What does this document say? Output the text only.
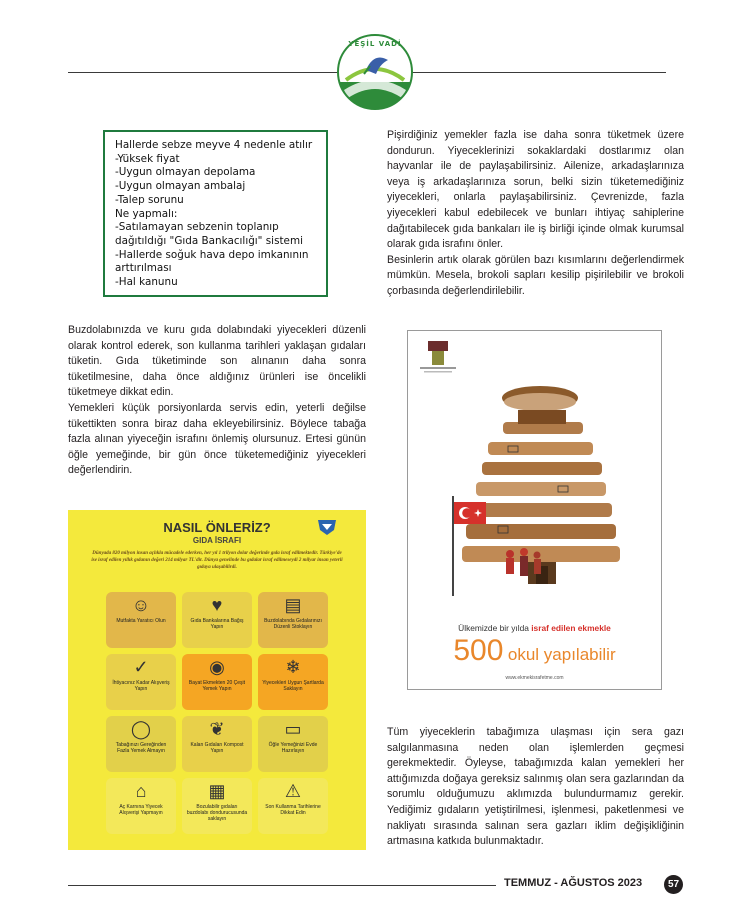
YEŞİL VADİ

Hallerde sebze meyve 4 nedenle atılır

-Yüksek fiyat

-Uygun olmayan depolama

-Uygun olmayan ambalaj

-Talep sorunu

Ne yapmalı:

-Satılamayan sebzenin toplanıp

dağıtıldığı "Gıda Bankacılığı" sistemi

-Hallerde soğuk hava depo imkanının

arttırılması

-Hal kanunu

Pişirdiğiniz yemekler fazla ise daha sonra tüketmek üzere dondurun. Yiyeceklerinizi sokaklardaki dostlarımız olan hayvanlar ile de paylaşabilirsiniz. Ailenize, arkadaşlarınıza veya iş arkadaşlarınıza sorun, belki sizin tüketemediğiniz yiyecekleri, onlarla paylaşabilirsiniz. Çevrenizde, fazla yiyecekleri kabul edebilecek ve bunları ihtiyaç sahiplerine dağıtabilecek gıda bankaları ile iş birliği içinde olmak kurumsal olarak gıda israfını önler.

Besinlerin artık olarak görülen bazı kısımlarını değerlendirmek mümkün. Mesela, brokoli sapları kesilip pişirilebilir ve brokoli çorbasında değerlendirilebilir.

Buzdolabınızda ve kuru gıda dolabındaki yiyecekleri düzenli olarak kontrol ederek, son kullanma tarihleri yaklaşan gıdaları tüketin. Gıda tüketiminde son alınanın daha sonra tüketilmesine, daha önce aldığınız ürünleri ise öncelikli tüketmeye dikkat edin.

Yemekleri küçük porsiyonlarda servis edin, yeterli değilse tükettikten sonra biraz daha ekleyebilirsiniz. Böylece tabağa fazla alınan yiyeceğin israfını önlemiş olursunuz. Ertesi günün öğle yemeğinde, bir gün önce tüketemediğiniz yiyecekleri değerlendirin.

Ülkemizde bir yılda israf edilen ekmekle
500 okul yapılabilir
www.ekmekisrafetme.com
NASIL ÖNLERİZ?
GIDA İSRAFI
Dünyada 820 milyon insan açlıkla mücadele ederken, her yıl 1 trilyon dolar değerinde gıda israf edilmektedir. Türkiye'de ise israf edilen yıllık gıdanın değeri 214 milyar TL'dir. Dünya genelinde bu gıdalar israf edilmeseydi 2 milyar insan yeterli gıdaya ulaşabilirdi.
☺
Mutfakta Yaratıcı Olun
♥
Gıda Bankalarına Bağış Yapın
▤
Buzdolabında Gıdalarınızı Düzenli Stoklayın
✓
İhtiyacınız Kadar Alışveriş Yapın
◉
Bayat Ekmekten 20 Çeşit Yemek Yapın
❄
Yiyecekleri Uygun Şartlarda Saklayın
◯
Tabağınızı Gereğinden Fazla Yemek Almayın
❦
Kalan Gıdaları Kompost Yapın
▭
Öğle Yemeğinizi Evde Hazırlayın
⌂
Aç Karnına Yiyecek Alışverişi Yapmayın
▦
Bozulabilir gıdaları buzdolabı dondurucusunda saklayın
⚠
Son Kullanma Tarihlerine Dikkat Edin

Tüm yiyeceklerin tabağımıza ulaşması için sera gazı salgılanmasına neden olan işlemlerden geçmesi gerekmektedir. Öyleyse, tabağımızda kalan yemekleri her attığımızda doğaya gereksiz salınmış olan sera gazlarından da sorumlu olduğumuzu aklımızda bulundurmamız gerekir. Yediğimiz gıdaların yetiştirilmesi, işlenmesi, paketlenmesi ve nakliyatı sırasında salınan sera gazları iklim değişikliğinin artmasına katkıda bulunmaktadır.

TEMMUZ - AĞUSTOS 2023	57
